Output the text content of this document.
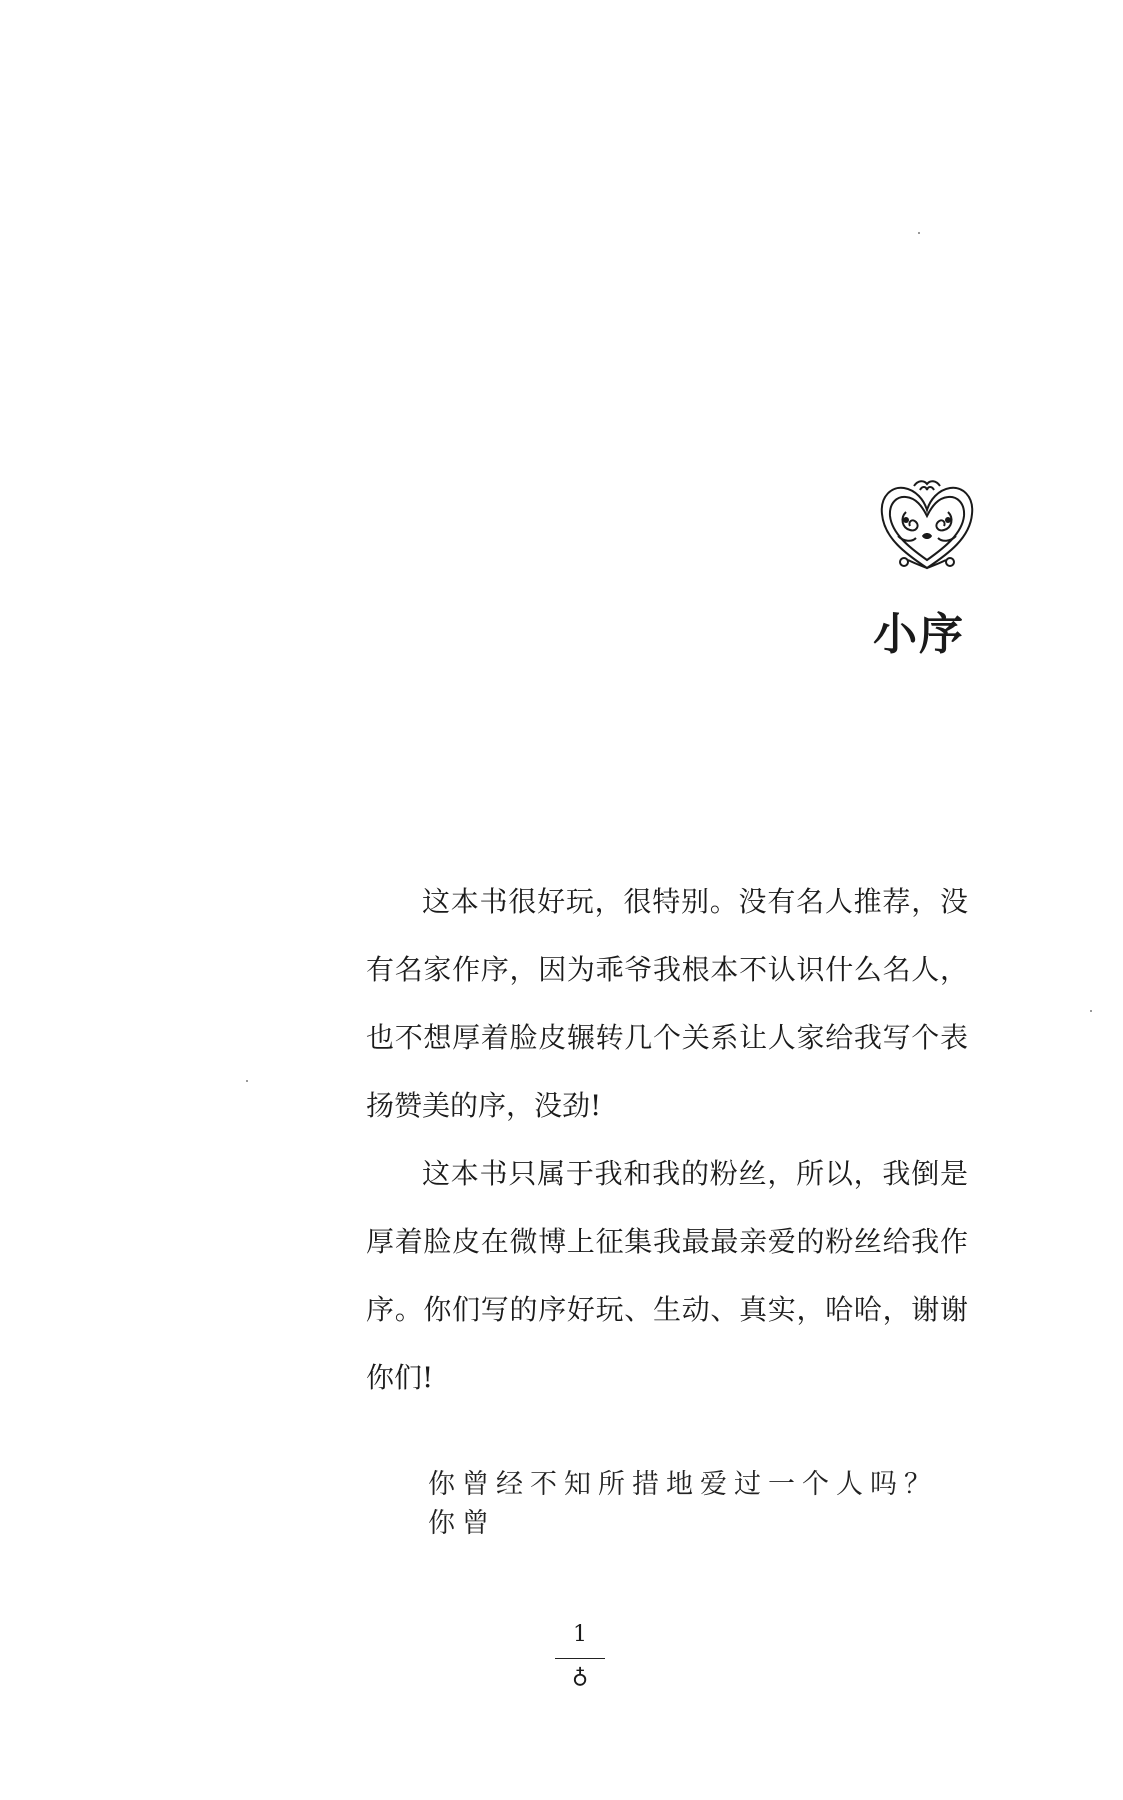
小序

这本书很好玩，很特别。没有名人推荐，没有名家作序，因为乖爷我根本不认识什么名人，也不想厚着脸皮辗转几个关系让人家给我写个表扬赞美的序，没劲!

这本书只属于我和我的粉丝，所以，我倒是厚着脸皮在微博上征集我最最亲爱的粉丝给我作序。你们写的序好玩、生动、真实，哈哈，谢谢你们!

你曾经不知所措地爱过一个人吗？你曾
1
♁
